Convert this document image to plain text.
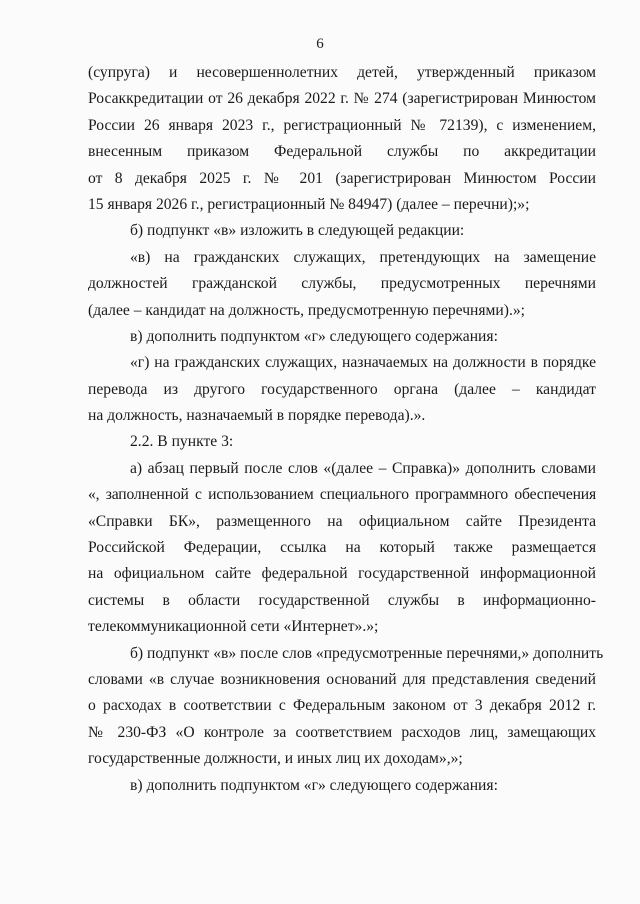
6
(супруга) и несовершеннолетних детей, утвержденный приказом
Росаккредитации от 26 декабря 2022 г. № 274 (зарегистрирован Минюстом
России 26 января 2023 г., регистрационный № 72139), с изменением,
внесенным приказом Федеральной службы по аккредитации
от 8 декабря 2025 г. № 201 (зарегистрирован Минюстом России
15 января 2026 г., регистрационный № 84947) (далее – перечни);»;
б) подпункт «в» изложить в следующей редакции:
«в) на гражданских служащих, претендующих на замещение
должностей гражданской службы, предусмотренных перечнями
(далее – кандидат на должность, предусмотренную перечнями).»;
в) дополнить подпунктом «г» следующего содержания:
«г) на гражданских служащих, назначаемых на должности в порядке
перевода из другого государственного органа (далее – кандидат
на должность, назначаемый в порядке перевода).».
2.2. В пункте 3:
а) абзац первый после слов «(далее – Справка)» дополнить словами
«, заполненной с использованием специального программного обеспечения
«Справки БК», размещенного на официальном сайте Президента
Российской Федерации, ссылка на который также размещается
на официальном сайте федеральной государственной информационной
системы в области государственной службы в информационно-
телекоммуникационной сети «Интернет».»;
б) подпункт «в» после слов «предусмотренные перечнями,» дополнить
словами «в случае возникновения оснований для представления сведений
о расходах в соответствии с Федеральным законом от 3 декабря 2012 г.
№ 230-ФЗ «О контроле за соответствием расходов лиц, замещающих
государственные должности, и иных лиц их доходам»,»;
в) дополнить подпунктом «г» следующего содержания:
